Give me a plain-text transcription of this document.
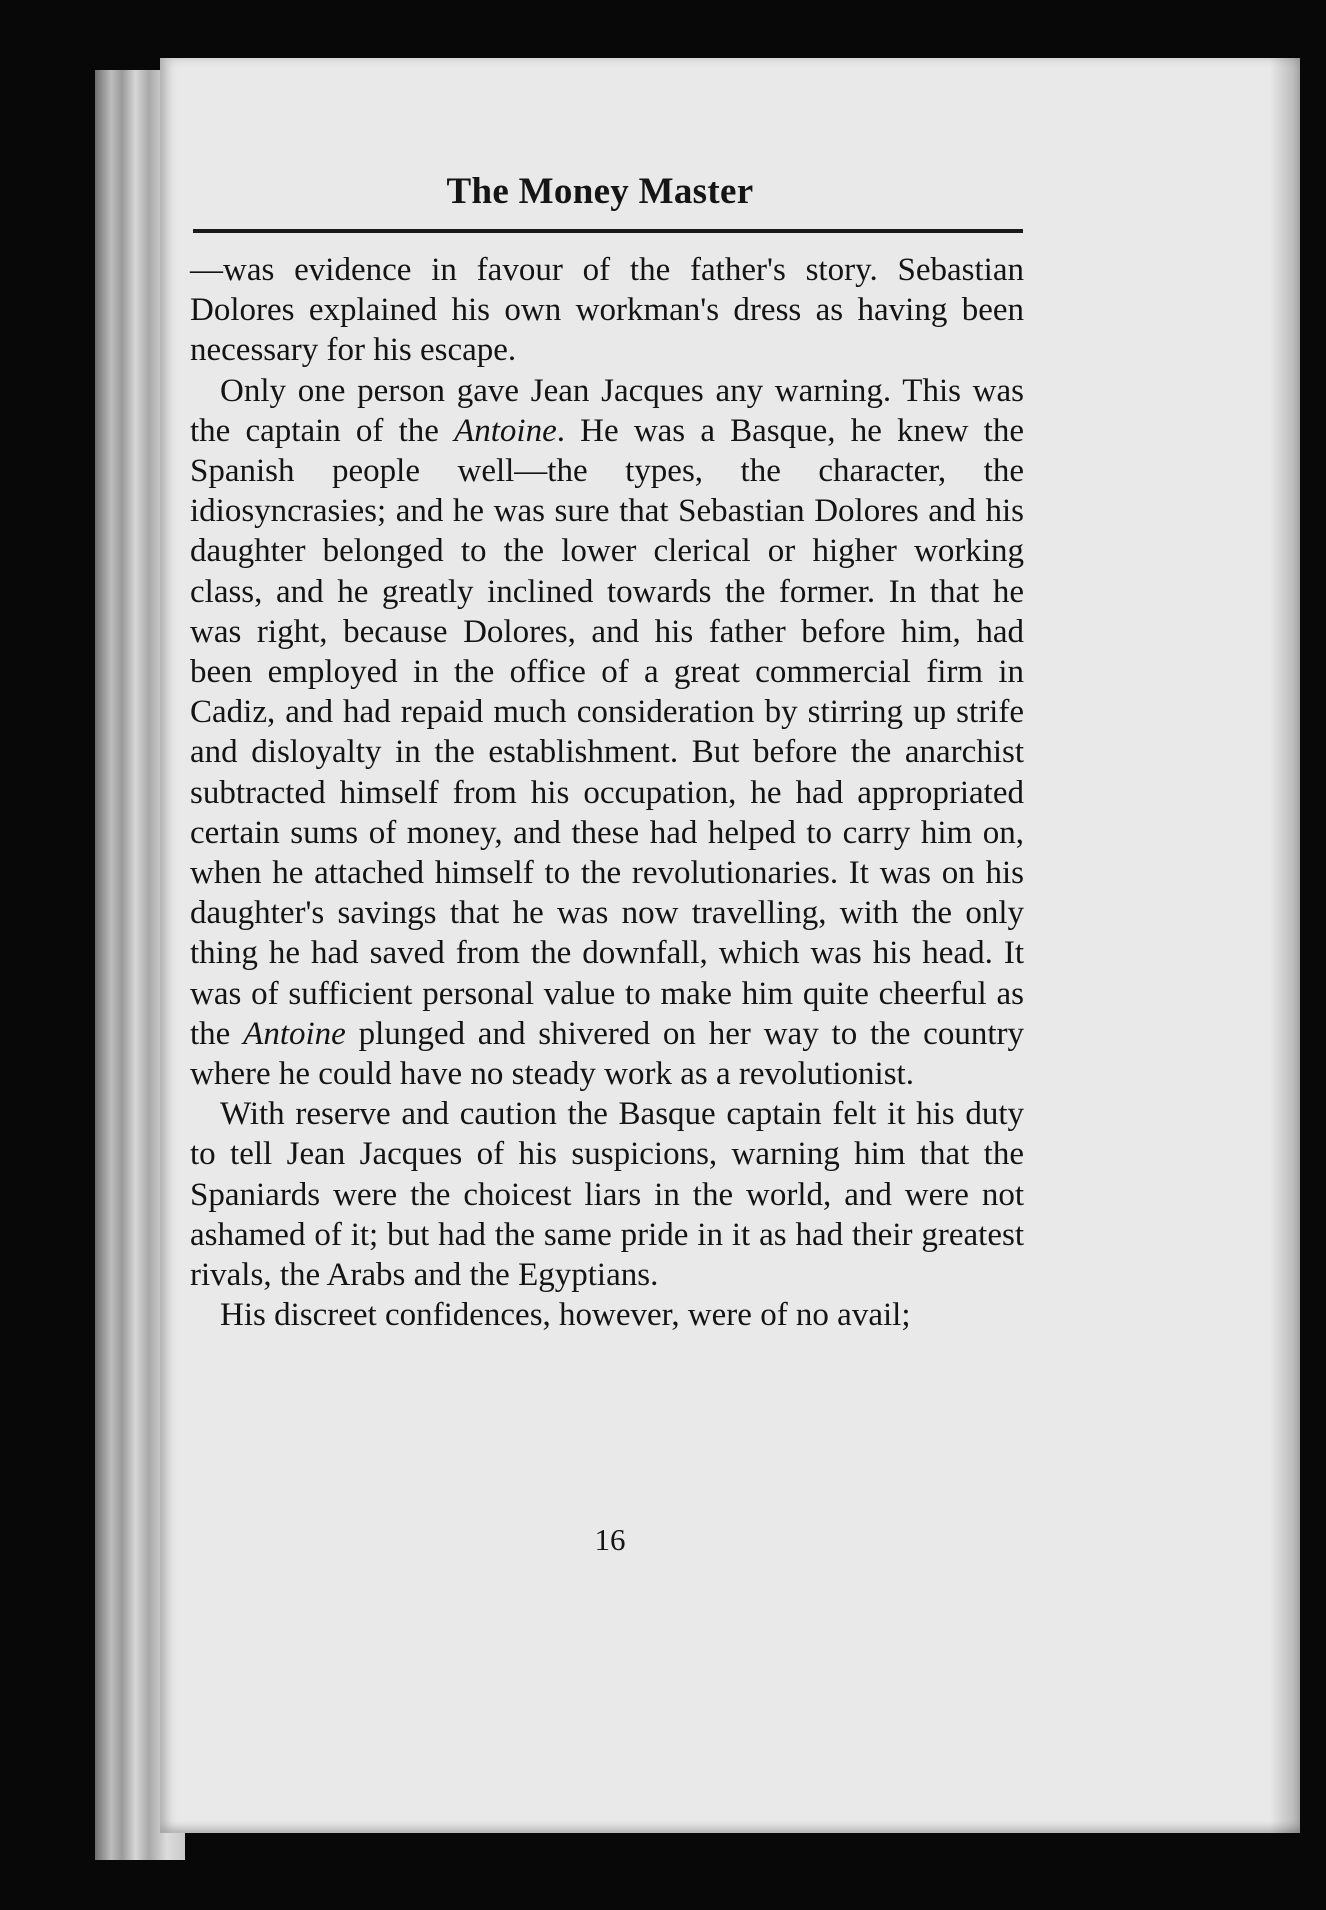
The Money Master

—was evidence in favour of the father's story. Sebastian Dolores explained his own workman's dress as having been necessary for his escape.

Only one person gave Jean Jacques any warning. This was the captain of the Antoine. He was a Basque, he knew the Spanish people well—the types, the character, the idiosyncrasies; and he was sure that Sebastian Dolores and his daughter belonged to the lower clerical or higher working class, and he greatly inclined towards the former. In that he was right, because Dolores, and his father before him, had been employed in the office of a great commercial firm in Cadiz, and had repaid much consideration by stirring up strife and disloyalty in the establishment. But before the anarchist subtracted himself from his occupation, he had appropriated certain sums of money, and these had helped to carry him on, when he attached himself to the revolutionaries. It was on his daughter's savings that he was now travelling, with the only thing he had saved from the downfall, which was his head. It was of sufficient personal value to make him quite cheerful as the Antoine plunged and shivered on her way to the country where he could have no steady work as a revolutionist.

With reserve and caution the Basque captain felt it his duty to tell Jean Jacques of his suspicions, warning him that the Spaniards were the choicest liars in the world, and were not ashamed of it; but had the same pride in it as had their greatest rivals, the Arabs and the Egyptians.

His discreet confidences, however, were of no avail;

16
